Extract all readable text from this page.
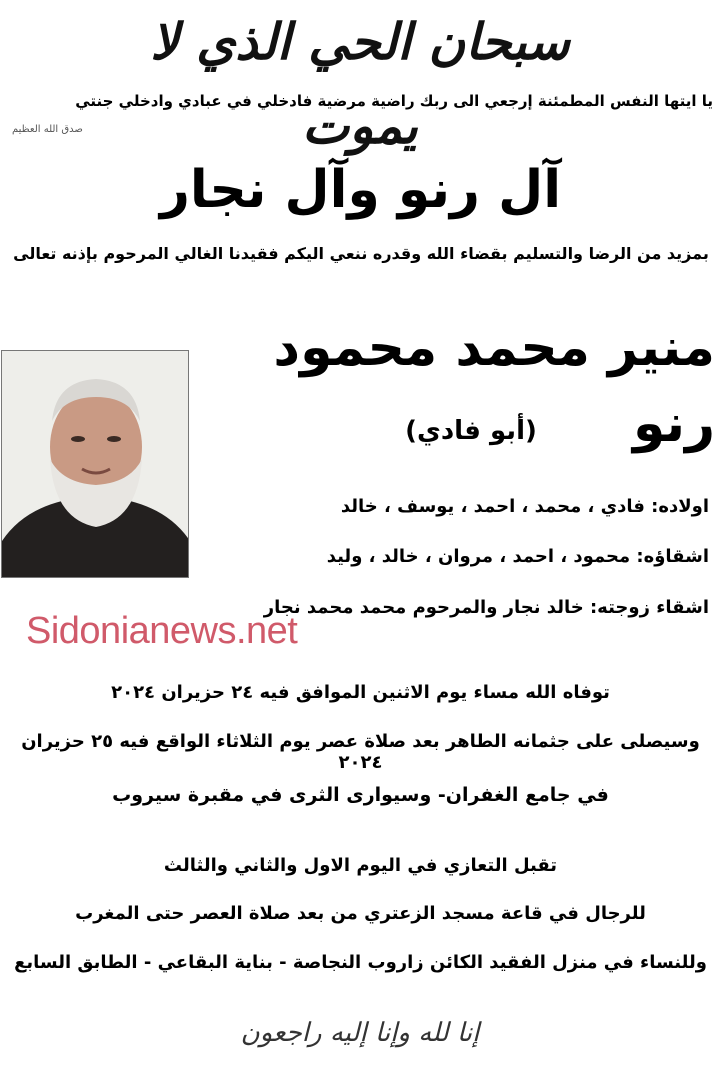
سبحان الحي الذي لا يموت
يا ايتها النفس المطمئنة إرجعي الى ربك راضية مرضية فادخلي في عبادي وادخلي جنتي
صدق الله العظيم
آل رنو وآل نجار
بمزيد من الرضا والتسليم بقضاء الله وقدره ننعي اليكم فقيدنا الغالي المرحوم بإذنه تعالى
منير محمد محمود رنو
(أبو فادي)
اولاده: فادي ، محمد ، احمد ، يوسف ، خالد
اشقاؤه: محمود ، احمد ، مروان ، خالد ، وليد
اشقاء زوجته: خالد نجار والمرحوم محمد محمد نجار
Sidonianews.net
توفاه الله مساء يوم الاثنين الموافق فيه ٢٤ حزيران ٢٠٢٤
وسيصلى على جثمانه الطاهر بعد صلاة عصر يوم الثلاثاء الواقع فيه ٢٥ حزيران ٢٠٢٤
في جامع الغفران- وسيوارى الثرى في مقبرة سيروب
تقبل التعازي في اليوم الاول والثاني والثالث
للرجال في قاعة مسجد الزعتري من بعد صلاة العصر حتى المغرب
وللنساء في منزل الفقيد الكائن زاروب النجاصة - بناية البقاعي - الطابق السابع
إنا لله وإنا إليه راجعون
